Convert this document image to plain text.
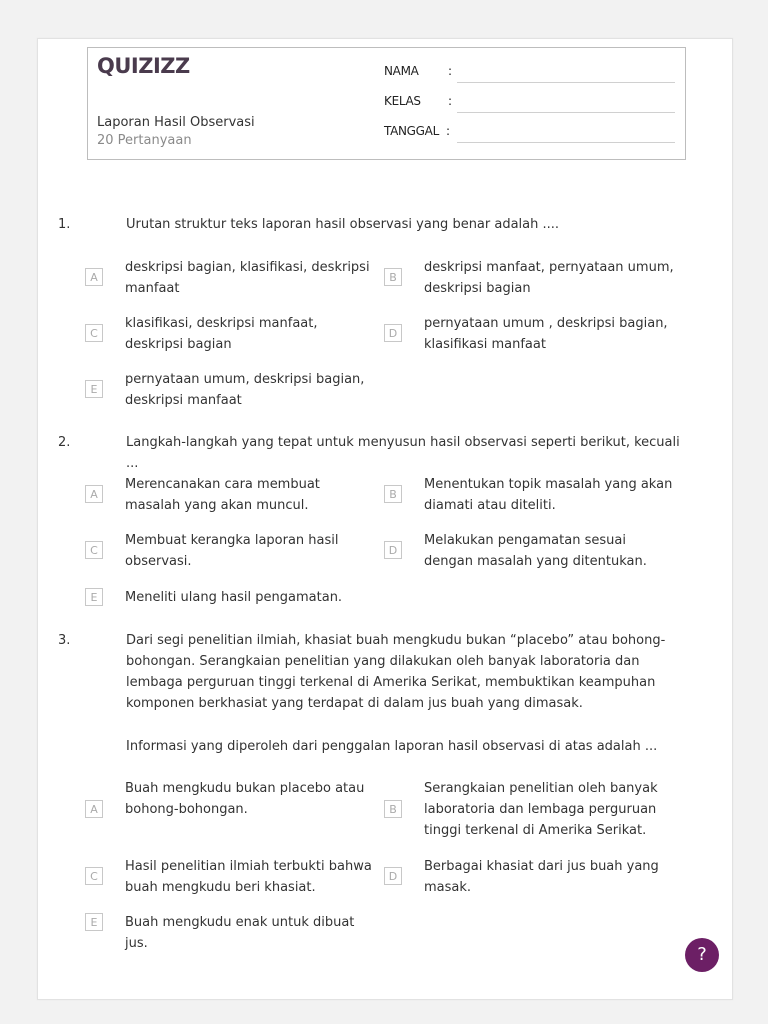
QUIZIZZ
Laporan Hasil Observasi
20 Pertanyaan
NAMA :
KELAS :
TANGGAL :
1.	Urutan struktur teks laporan hasil observasi yang benar adalah ....
A
deskripsi bagian, klasifikasi, deskripsi manfaat
B
deskripsi manfaat, pernyataan umum, deskripsi bagian
C
klasifikasi, deskripsi manfaat, deskripsi bagian
D
pernyataan umum , deskripsi bagian, klasifikasi manfaat
E
pernyataan umum, deskripsi bagian, deskripsi manfaat
2.	Langkah-langkah yang tepat untuk menyusun hasil observasi seperti berikut, kecuali ...
A
Merencanakan cara membuat masalah yang akan muncul.
B
Menentukan topik masalah yang akan diamati atau diteliti.
C
Membuat kerangka laporan hasil observasi.
D
Melakukan pengamatan sesuai dengan masalah yang ditentukan.
E	Meneliti ulang hasil pengamatan.
3.	Dari segi penelitian ilmiah, khasiat buah mengkudu bukan “placebo” atau bohong-bohongan. Serangkaian penelitian yang dilakukan oleh banyak laboratoria dan lembaga perguruan tinggi terkenal di Amerika Serikat, membuktikan keampuhan komponen berkhasiat yang terdapat di dalam jus buah yang dimasak.
Informasi yang diperoleh dari penggalan laporan hasil observasi di atas adalah ...
A
Buah mengkudu bukan placebo atau bohong-bohongan.	B
Serangkaian penelitian oleh banyak laboratoria dan lembaga perguruan tinggi terkenal di Amerika Serikat.
C
Hasil penelitian ilmiah terbukti bahwa buah mengkudu beri khasiat.
D
Berbagai khasiat dari jus buah yang masak.
E	Buah mengkudu enak untuk dibuat jus.
?
